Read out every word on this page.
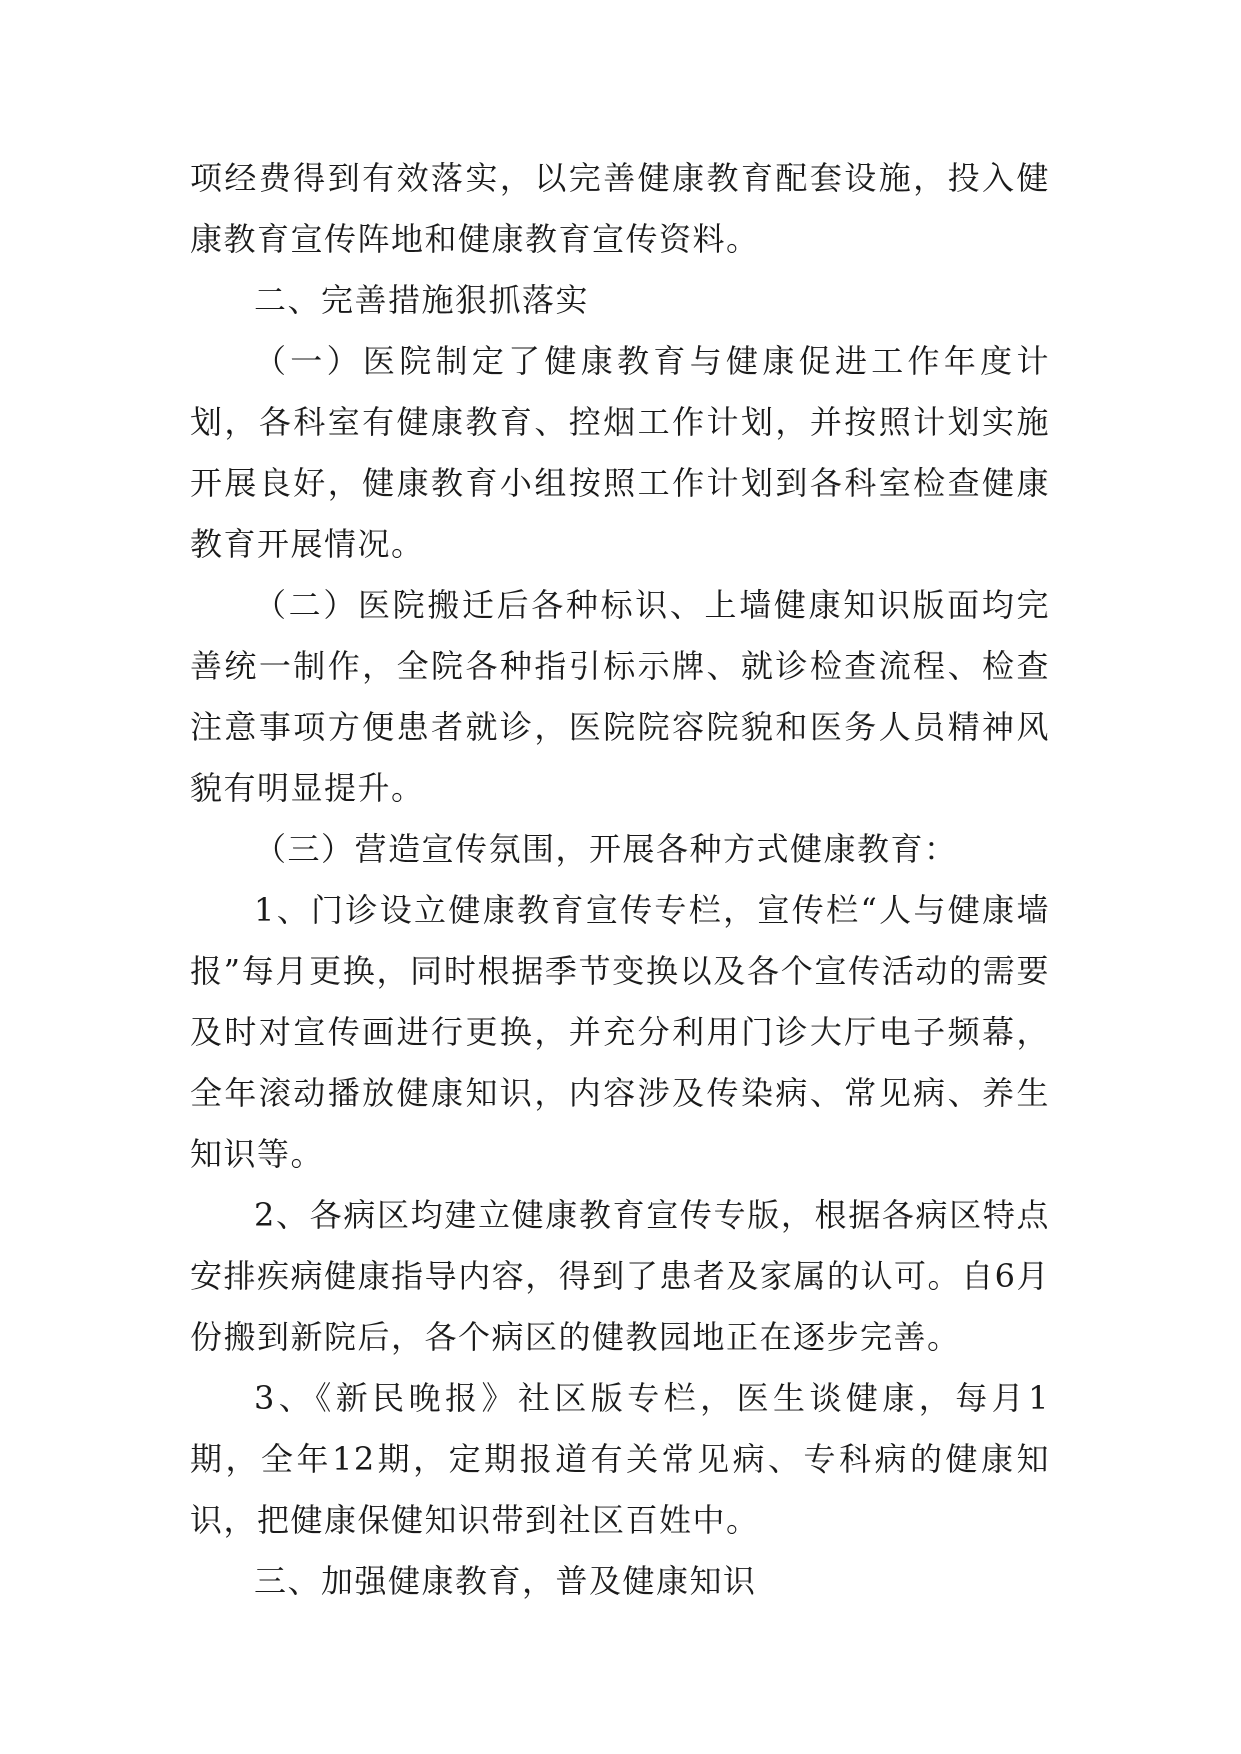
项经费得到有效落实，以完善健康教育配套设施，投入健康教育宣传阵地和健康教育宣传资料。

二、完善措施狠抓落实

（一）医院制定了健康教育与健康促进工作年度计划，各科室有健康教育、控烟工作计划，并按照计划实施开展良好，健康教育小组按照工作计划到各科室检查健康教育开展情况。

（二）医院搬迁后各种标识、上墙健康知识版面均完善统一制作，全院各种指引标示牌、就诊检查流程、检查注意事项方便患者就诊，医院院容院貌和医务人员精神风貌有明显提升。

（三）营造宣传氛围，开展各种方式健康教育：

1、门诊设立健康教育宣传专栏，宣传栏“人与健康墙报”每月更换，同时根据季节变换以及各个宣传活动的需要及时对宣传画进行更换，并充分利用门诊大厅电子频幕，全年滚动播放健康知识，内容涉及传染病、常见病、养生知识等。

2、各病区均建立健康教育宣传专版，根据各病区特点安排疾病健康指导内容，得到了患者及家属的认可。自6月份搬到新院后，各个病区的健教园地正在逐步完善。

3、《新民晚报》社区版专栏，医生谈健康，每月1期，全年12期，定期报道有关常见病、专科病的健康知识，把健康保健知识带到社区百姓中。

三、加强健康教育，普及健康知识
